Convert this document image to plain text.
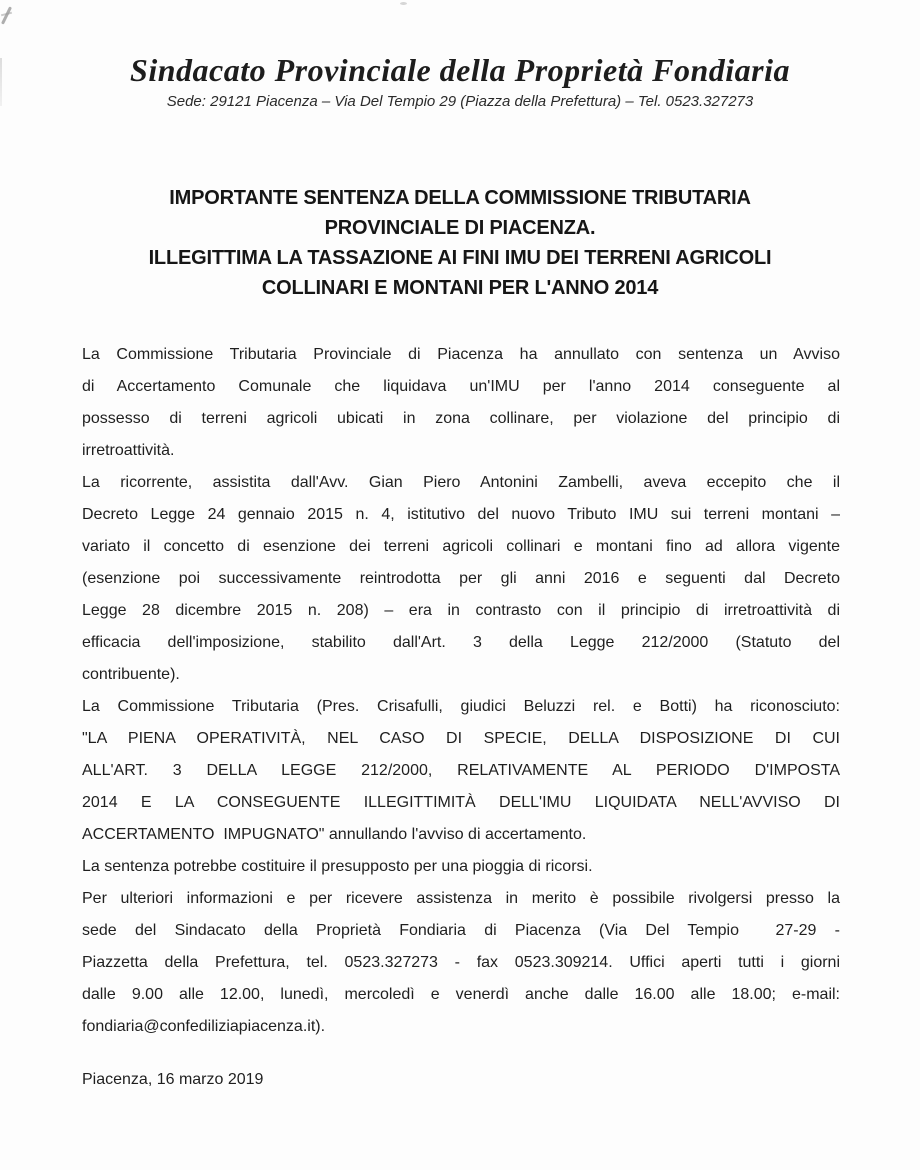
Sindacato Provinciale della Proprietà Fondiaria
Sede: 29121 Piacenza – Via Del Tempio 29 (Piazza della Prefettura) – Tel. 0523.327273
IMPORTANTE SENTENZA DELLA COMMISSIONE TRIBUTARIA
PROVINCIALE DI PIACENZA.
ILLEGITTIMA LA TASSAZIONE AI FINI IMU DEI TERRENI AGRICOLI
COLLINARI E MONTANI PER L'ANNO 2014
La Commissione Tributaria Provinciale di Piacenza ha annullato con sentenza un Avviso
di Accertamento Comunale che liquidava un'IMU per l'anno 2014 conseguente al
possesso di terreni agricoli ubicati in zona collinare, per violazione del principio di
irretroattività.
La ricorrente, assistita dall'Avv. Gian Piero Antonini Zambelli, aveva eccepito che il
Decreto Legge 24 gennaio 2015 n. 4, istitutivo del nuovo Tributo IMU sui terreni montani –
variato il concetto di esenzione dei terreni agricoli collinari e montani fino ad allora vigente
(esenzione poi successivamente reintrodotta per gli anni 2016 e seguenti dal Decreto
Legge 28 dicembre 2015 n. 208) – era in contrasto con il principio di irretroattività di
efficacia dell'imposizione, stabilito dall'Art. 3 della Legge 212/2000 (Statuto del
contribuente).
La Commissione Tributaria (Pres. Crisafulli, giudici Beluzzi rel. e Botti) ha riconosciuto:
"LA PIENA OPERATIVITÀ, NEL CASO DI SPECIE, DELLA DISPOSIZIONE DI CUI
ALL'ART. 3 DELLA LEGGE 212/2000, RELATIVAMENTE AL PERIODO D'IMPOSTA
2014 E LA CONSEGUENTE ILLEGITTIMITÀ DELL'IMU LIQUIDATA NELL'AVVISO DI
ACCERTAMENTO  IMPUGNATO" annullando l'avviso di accertamento.
La sentenza potrebbe costituire il presupposto per una pioggia di ricorsi.
Per ulteriori informazioni e per ricevere assistenza in merito è possibile rivolgersi presso la
sede del Sindacato della Proprietà Fondiaria di Piacenza (Via Del Tempio  27-29 -
Piazzetta della Prefettura, tel. 0523.327273 - fax 0523.309214. Uffici aperti tutti i giorni
dalle 9.00 alle 12.00, lunedì, mercoledì e venerdì anche dalle 16.00 alle 18.00; e-mail:
fondiaria@confediliziapiacenza.it).
Piacenza, 16 marzo 2019
